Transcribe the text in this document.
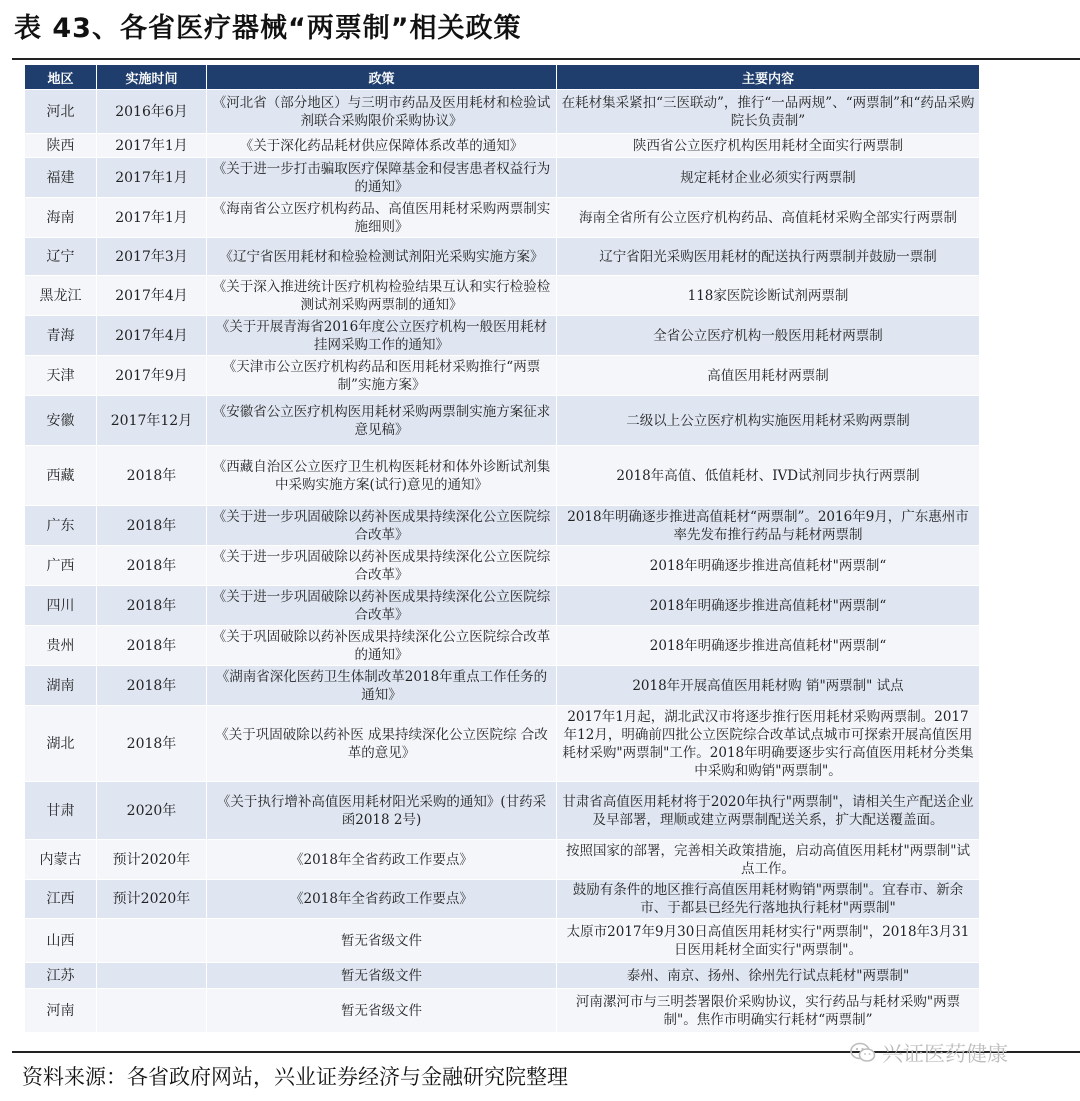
表 43、各省医疗器械“两票制”相关政策
地区	实施时间	政策	主要内容
河北	2016年6月	《河北省（部分地区）与三明市药品及医用耗材和检验试剂联合采购限价采购协议》	在耗材集采紧扣“三医联动”，推行“一品两规”、“两票制”和“药品采购院长负责制”
陕西	2017年1月	《关于深化药品耗材供应保障体系改革的通知》	陕西省公立医疗机构医用耗材全面实行两票制
福建	2017年1月	《关于进一步打击骗取医疗保障基金和侵害患者权益行为的通知》	规定耗材企业必须实行两票制
海南	2017年1月	《海南省公立医疗机构药品、高值医用耗材采购两票制实施细则》	海南全省所有公立医疗机构药品、高值耗材采购全部实行两票制
辽宁	2017年3月	《辽宁省医用耗材和检验检测试剂阳光采购实施方案》	辽宁省阳光采购医用耗材的配送执行两票制并鼓励一票制
黑龙江	2017年4月	《关于深入推进统计医疗机构检验结果互认和实行检验检测试剂采购两票制的通知》	118家医院诊断试剂两票制
青海	2017年4月	《关于开展青海省2016年度公立医疗机构一般医用耗材挂网采购工作的通知》	全省公立医疗机构一般医用耗材两票制
天津	2017年9月	《天津市公立医疗机构药品和医用耗材采购推行“两票制”实施方案》	高值医用耗材两票制
安徽	2017年12月	《安徽省公立医疗机构医用耗材采购两票制实施方案征求意见稿》	二级以上公立医疗机构实施医用耗材采购两票制
西藏	2018年	《西藏自治区公立医疗卫生机构医耗材和体外诊断试剂集中采购实施方案(试行)意见的通知》	2018年高值、低值耗材、IVD试剂同步执行两票制
广东	2018年	《关于进一步巩固破除以药补医成果持续深化公立医院综合改革》	2018年明确逐步推进高值耗材“两票制”。2016年9月，广东惠州市率先发布推行药品与耗材两票制
广西	2018年	《关于进一步巩固破除以药补医成果持续深化公立医院综合改革》	2018年明确逐步推进高值耗材"两票制“
四川	2018年	《关于进一步巩固破除以药补医成果持续深化公立医院综合改革》	2018年明确逐步推进高值耗材"两票制“
贵州	2018年	《关于巩固破除以药补医成果持续深化公立医院综合改革的通知》	2018年明确逐步推进高值耗材"两票制“
湖南	2018年	《湖南省深化医药卫生体制改革2018年重点工作任务的通知》	2018年开展高值医用耗材购 销"两票制" 试点
湖北	2018年	《关于巩固破除以药补医 成果持续深化公立医院综 合改革的意见》	2017年1月起，湖北武汉市将逐步推行医用耗材采购两票制。2017年12月，明确前四批公立医院综合改革试点城市可探索开展高值医用耗材采购"两票制"工作。2018年明确要逐步实行高值医用耗材分类集中采购和购销"两票制"。
甘肃	2020年	《关于执行增补高值医用耗材阳光采购的通知》(甘药采函2018 2号)	甘肃省高值医用耗材将于2020年执行"两票制"，请相关生产配送企业及早部署，理顺或建立两票制配送关系，扩大配送覆盖面。
内蒙古	预计2020年	《2018年全省药政工作要点》	按照国家的部署，完善相关政策措施，启动高值医用耗材"两票制"试点工作。
江西	预计2020年	《2018年全省药政工作要点》	鼓励有条件的地区推行高值医用耗材购销"两票制"。宜春市、新余市、于都县已经先行落地执行耗材"两票制"
山西		暂无省级文件	太原市2017年9月30日高值医用耗材实行"两票制"，2018年3月31日医用耗材全面实行"两票制"。
江苏		暂无省级文件	泰州、南京、扬州、徐州先行试点耗材"两票制"
河南		暂无省级文件	河南漯河市与三明荟署限价采购协议，实行药品与耗材采购"两票制"。焦作市明确实行耗材“两票制”
资料来源：各省政府网站，兴业证券经济与金融研究院整理
兴证医药健康
